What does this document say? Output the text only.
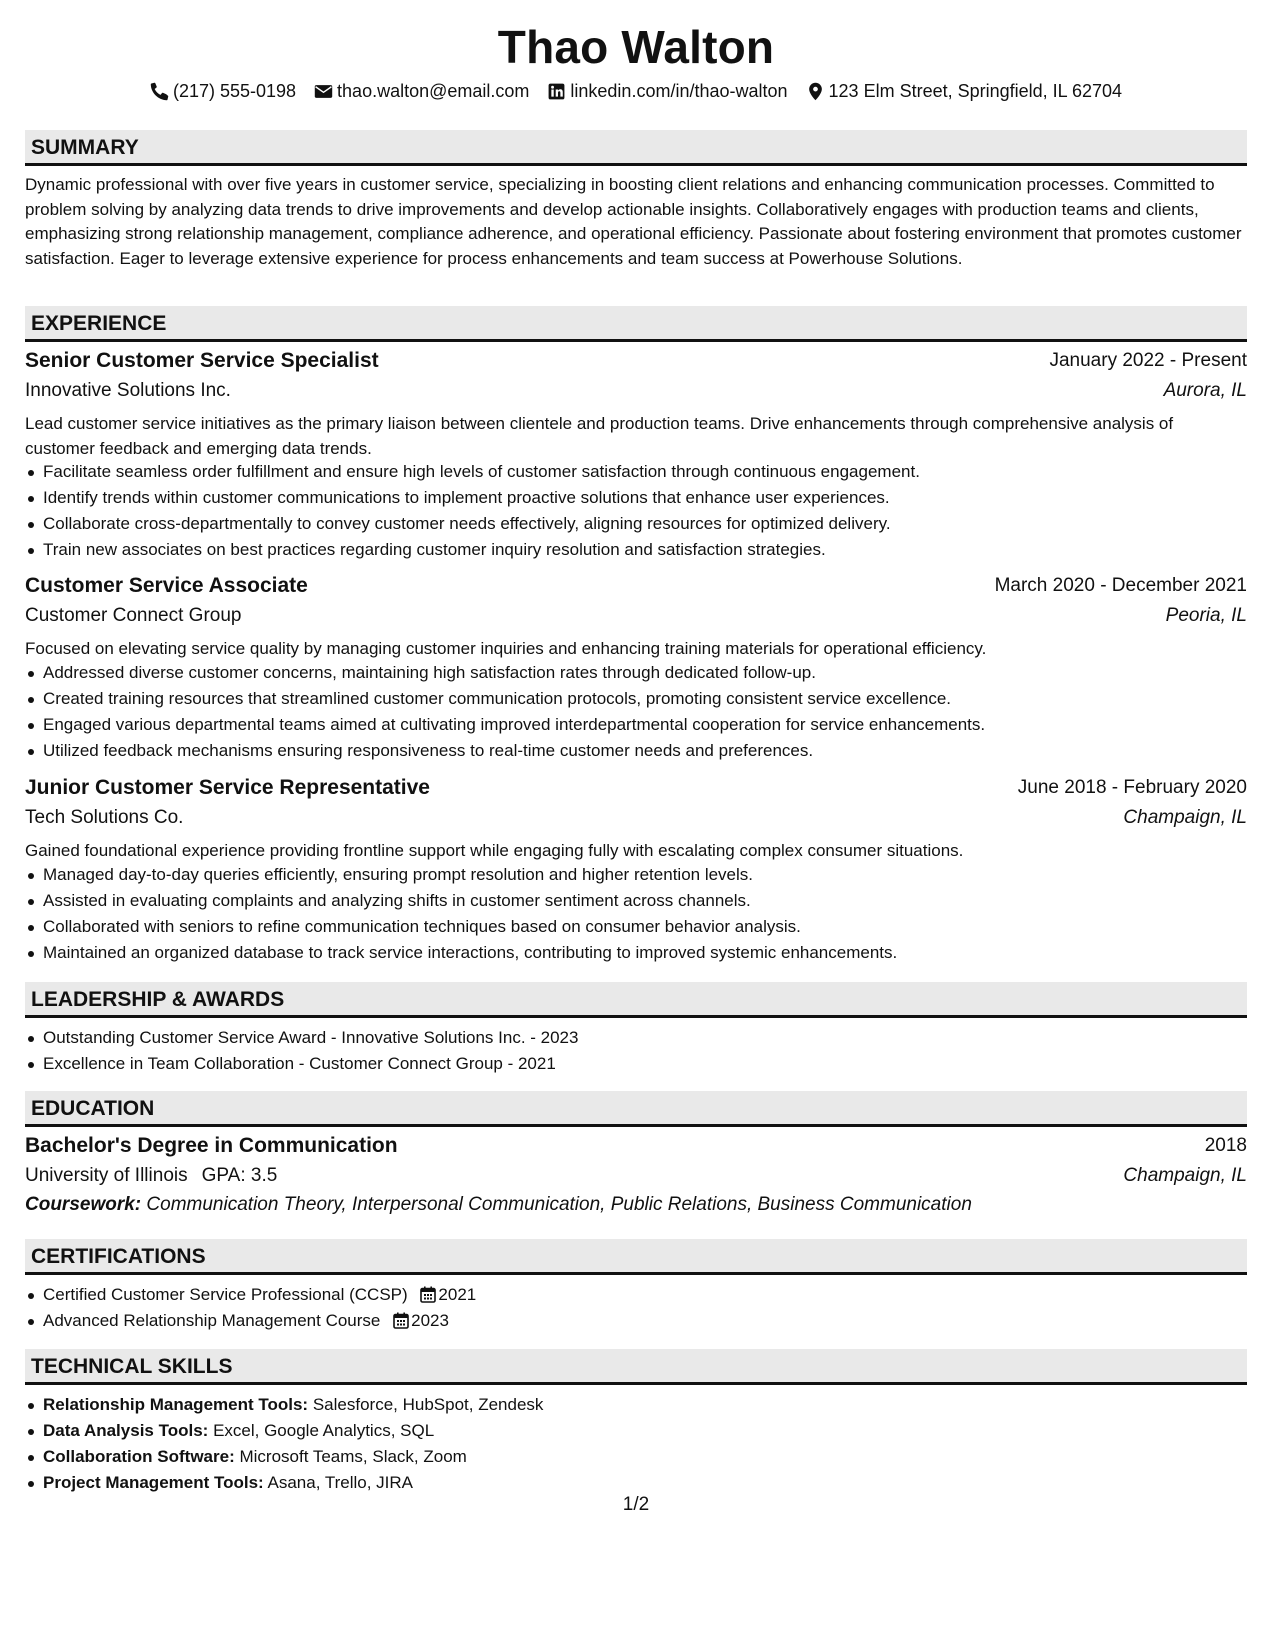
Thao Walton
(217) 555-0198 thao.walton@email.com linkedin.com/in/thao-walton 123 Elm Street, Springfield, IL 62704
SUMMARY
Dynamic professional with over five years in customer service, specializing in boosting client relations and enhancing communication processes. Committed to problem solving by analyzing data trends to drive improvements and develop actionable insights. Collaboratively engages with production teams and clients, emphasizing strong relationship management, compliance adherence, and operational efficiency. Passionate about fostering environment that promotes customer satisfaction. Eager to leverage extensive experience for process enhancements and team success at Powerhouse Solutions.
EXPERIENCE
Senior Customer Service Specialist	January 2022 - Present
Innovative Solutions Inc.	Aurora, IL
Lead customer service initiatives as the primary liaison between clientele and production teams. Drive enhancements through comprehensive analysis of customer feedback and emerging data trends.
Facilitate seamless order fulfillment and ensure high levels of customer satisfaction through continuous engagement.
Identify trends within customer communications to implement proactive solutions that enhance user experiences.
Collaborate cross-departmentally to convey customer needs effectively, aligning resources for optimized delivery.
Train new associates on best practices regarding customer inquiry resolution and satisfaction strategies.
Customer Service Associate	March 2020 - December 2021
Customer Connect Group	Peoria, IL
Focused on elevating service quality by managing customer inquiries and enhancing training materials for operational efficiency.
Addressed diverse customer concerns, maintaining high satisfaction rates through dedicated follow-up.
Created training resources that streamlined customer communication protocols, promoting consistent service excellence.
Engaged various departmental teams aimed at cultivating improved interdepartmental cooperation for service enhancements.
Utilized feedback mechanisms ensuring responsiveness to real-time customer needs and preferences.
Junior Customer Service Representative	June 2018 - February 2020
Tech Solutions Co.	Champaign, IL
Gained foundational experience providing frontline support while engaging fully with escalating complex consumer situations.
Managed day-to-day queries efficiently, ensuring prompt resolution and higher retention levels.
Assisted in evaluating complaints and analyzing shifts in customer sentiment across channels.
Collaborated with seniors to refine communication techniques based on consumer behavior analysis.
Maintained an organized database to track service interactions, contributing to improved systemic enhancements.
LEADERSHIP & AWARDS
Outstanding Customer Service Award - Innovative Solutions Inc. - 2023
Excellence in Team Collaboration - Customer Connect Group - 2021
EDUCATION
Bachelor's Degree in Communication	2018
University of Illinois GPA: 3.5	Champaign, IL
Coursework: Communication Theory, Interpersonal Communication, Public Relations, Business Communication
CERTIFICATIONS
Certified Customer Service Professional (CCSP) 2021
Advanced Relationship Management Course 2023
TECHNICAL SKILLS
Relationship Management Tools: Salesforce, HubSpot, Zendesk
Data Analysis Tools: Excel, Google Analytics, SQL
Collaboration Software: Microsoft Teams, Slack, Zoom
Project Management Tools: Asana, Trello, JIRA
1/2
